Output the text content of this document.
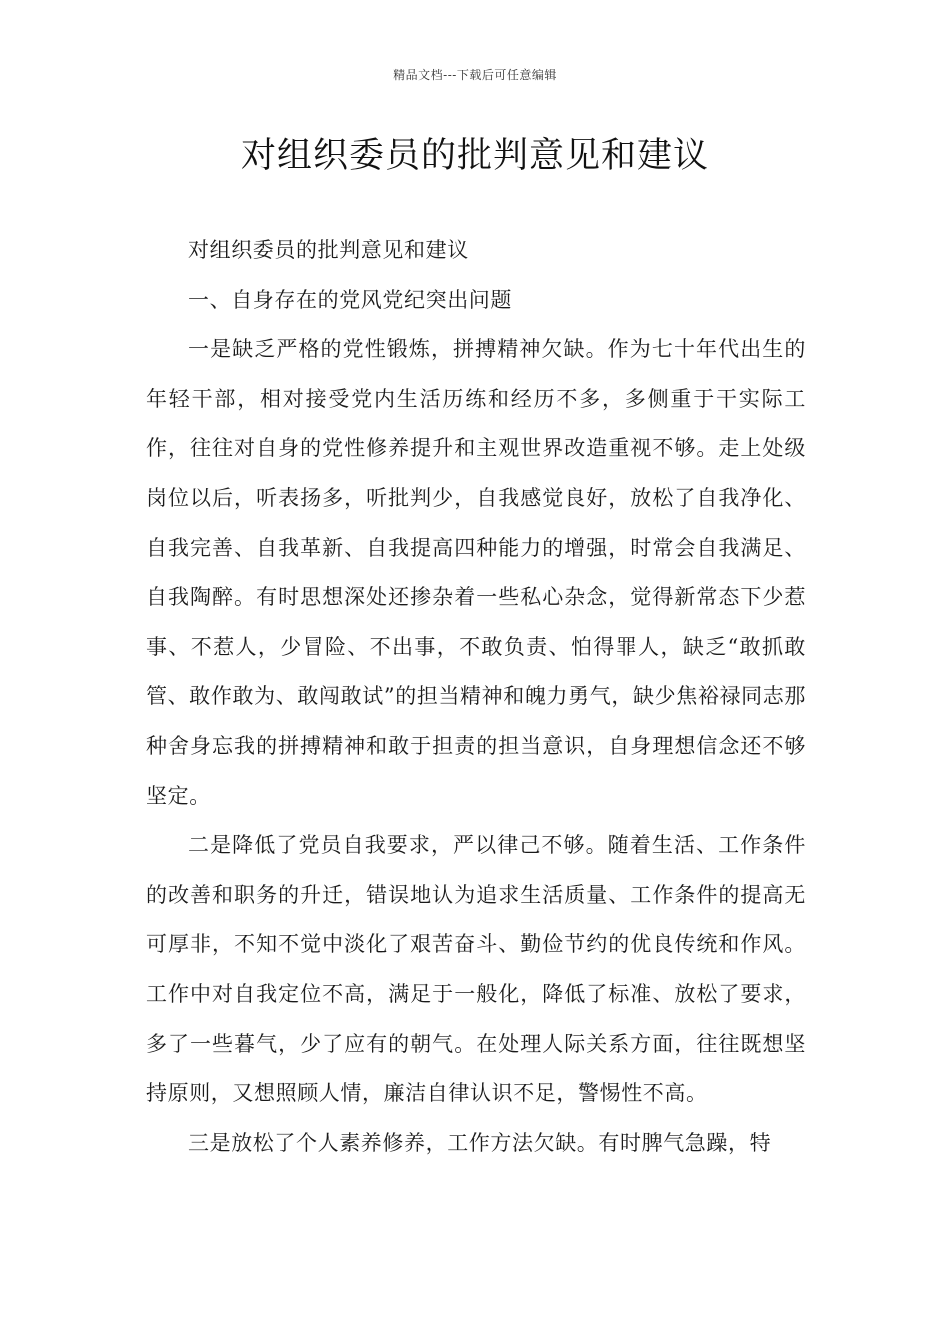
精品文档---下载后可任意编辑
对组织委员的批判意见和建议

对组织委员的批判意见和建议

一、自身存在的党风党纪突出问题

一是缺乏严格的党性锻炼，拼搏精神欠缺。作为七十年代出生的年轻干部，相对接受党内生活历练和经历不多，多侧重于干实际工作，往往对自身的党性修养提升和主观世界改造重视不够。走上处级岗位以后，听表扬多，听批判少，自我感觉良好，放松了自我净化、自我完善、自我革新、自我提高四种能力的增强，时常会自我满足、自我陶醉。有时思想深处还掺杂着一些私心杂念，觉得新常态下少惹事、不惹人，少冒险、不出事，不敢负责、怕得罪人，缺乏“敢抓敢管、敢作敢为、敢闯敢试”的担当精神和魄力勇气，缺少焦裕禄同志那种舍身忘我的拼搏精神和敢于担责的担当意识，自身理想信念还不够坚定。

二是降低了党员自我要求，严以律己不够。随着生活、工作条件的改善和职务的升迁，错误地认为追求生活质量、工作条件的提高无可厚非，不知不觉中淡化了艰苦奋斗、勤俭节约的优良传统和作风。工作中对自我定位不高，满足于一般化，降低了标准、放松了要求，多了一些暮气，少了应有的朝气。在处理人际关系方面，往往既想坚持原则，又想照顾人情，廉洁自律认识不足，警惕性不高。

三是放松了个人素养修养，工作方法欠缺。有时脾气急躁，特
